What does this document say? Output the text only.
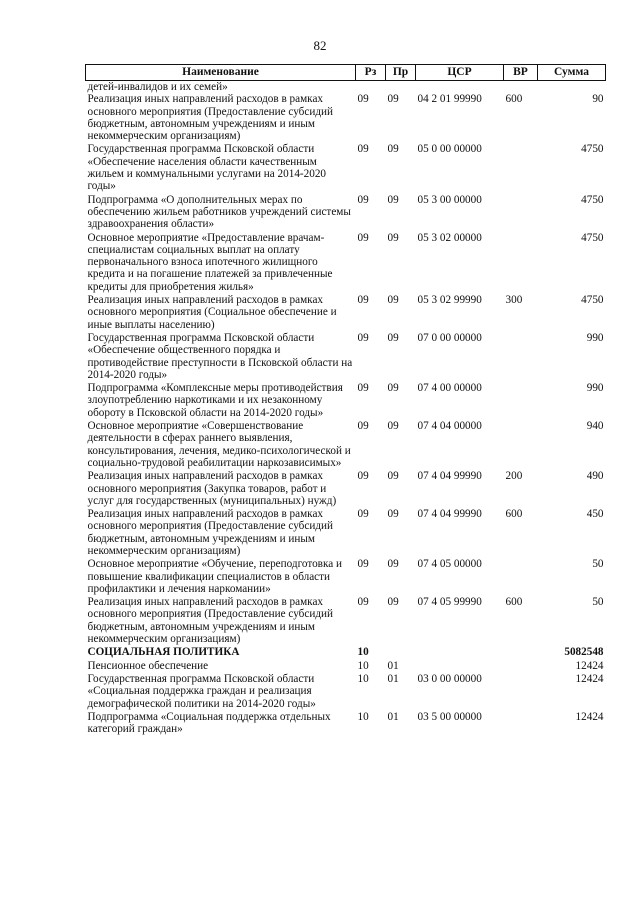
82
Наименование	Рз	Пр	ЦСР	ВР	Сумма
детей-инвалидов и их семей»					
Реализация иных направлений расходов в рамках основного мероприятия (Предоставление субсидий бюджетным, автономным учреждениям и иным некоммерческим организациям)	09	09	04 2 01 99990	600	90
Государственная программа Псковской области «Обеспечение населения области качественным жильем и коммунальными услугами на 2014-2020 годы»	09	09	05 0 00 00000		4750
Подпрограмма «О дополнительных мерах по обеспечению жильем работников учреждений системы здравоохранения области»	09	09	05 3 00 00000		4750
Основное мероприятие «Предоставление врачам-специалистам социальных выплат на оплату первоначального взноса ипотечного жилищного кредита и на погашение платежей за привлеченные кредиты для приобретения жилья»	09	09	05 3 02 00000		4750
Реализация иных направлений расходов в рамках основного мероприятия (Социальное обеспечение и иные выплаты населению)	09	09	05 3 02 99990	300	4750
Государственная программа Псковской области «Обеспечение общественного порядка и противодействие преступности в Псковской области на 2014-2020 годы»	09	09	07 0 00 00000		990
Подпрограмма «Комплексные меры противодействия злоупотреблению наркотиками и их незаконному обороту в Псковской области на 2014-2020 годы»	09	09	07 4 00 00000		990
Основное мероприятие «Совершенствование деятельности в сферах раннего выявления, консультирования, лечения, медико-психологической и социально-трудовой реабилитации наркозависимых»	09	09	07 4 04 00000		940
Реализация иных направлений расходов в рамках основного мероприятия (Закупка товаров, работ и услуг для государственных (муниципальных) нужд)	09	09	07 4 04 99990	200	490
Реализация иных направлений расходов в рамках основного мероприятия (Предоставление субсидий бюджетным, автономным учреждениям и иным некоммерческим организациям)	09	09	07 4 04 99990	600	450
Основное мероприятие «Обучение, переподготовка и повышение квалификации специалистов в области профилактики и лечения наркомании»	09	09	07 4 05 00000		50
Реализация иных направлений расходов в рамках основного мероприятия (Предоставление субсидий бюджетным, автономным учреждениям и иным некоммерческим организациям)	09	09	07 4 05 99990	600	50
СОЦИАЛЬНАЯ ПОЛИТИКА	10				5082548
Пенсионное обеспечение	10	01			12424
Государственная программа Псковской области «Социальная поддержка граждан и реализация демографической политики на 2014-2020 годы»	10	01	03 0 00 00000		12424
Подпрограмма «Социальная поддержка отдельных категорий граждан»	10	01	03 5 00 00000		12424
